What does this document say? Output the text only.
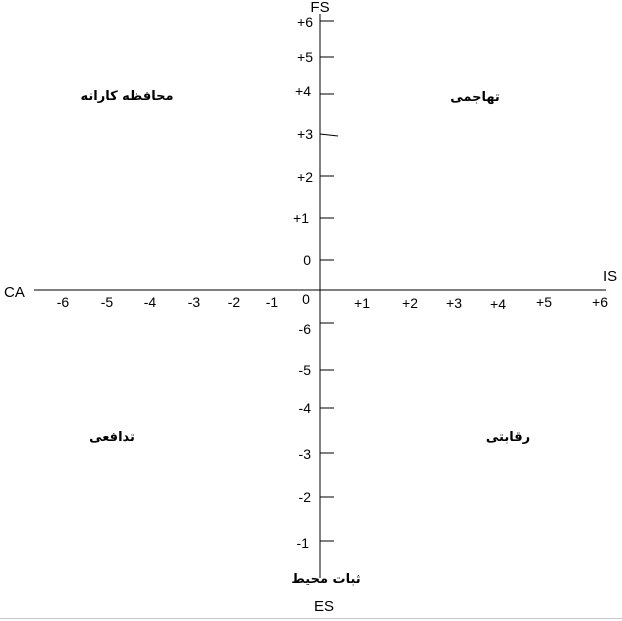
FS
ES
CA
IS
ثبات محیط
محافظه کارانه	تهاجمی
تدافعی	رقابتی
+6
+5
+4
+3
+2
+1
0
-6
-5
-4
-3
-2
-1
-6 -5 -4 -3 -2 -1 0	+1 +2 +3 +4 +5	+6
